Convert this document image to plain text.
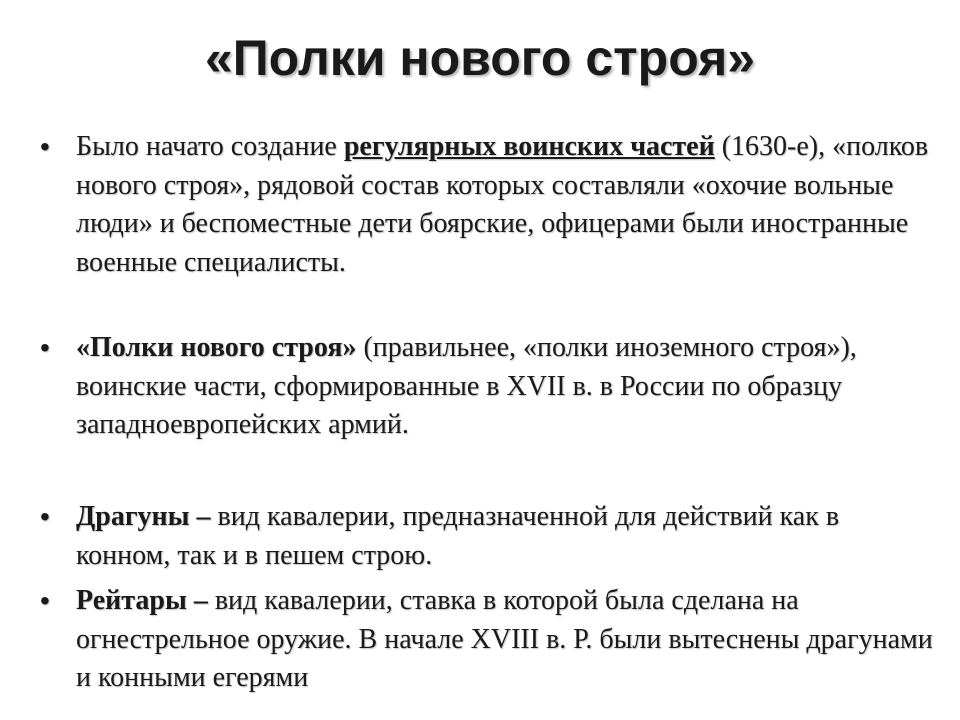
«Полки нового строя»
• Было начато создание регулярных воинских частей (1630-е), «полков нового строя», рядовой состав которых составляли «охочие вольные люди» и беспоместные дети боярские, офицерами были иностранные военные специалисты.
• «Полки нового строя» (правильнее, «полки иноземного строя»), воинские части, сформированные в XVII в. в России по образцу западноевропейских армий.
• Драгуны – вид кавалерии, предназначенной для действий как в конном, так и в пешем строю.
• Рейтары – вид кавалерии, ставка в которой была сделана на огнестрельное оружие. В начале XVIII в. Р. были вытеснены драгунами и конными егерями
